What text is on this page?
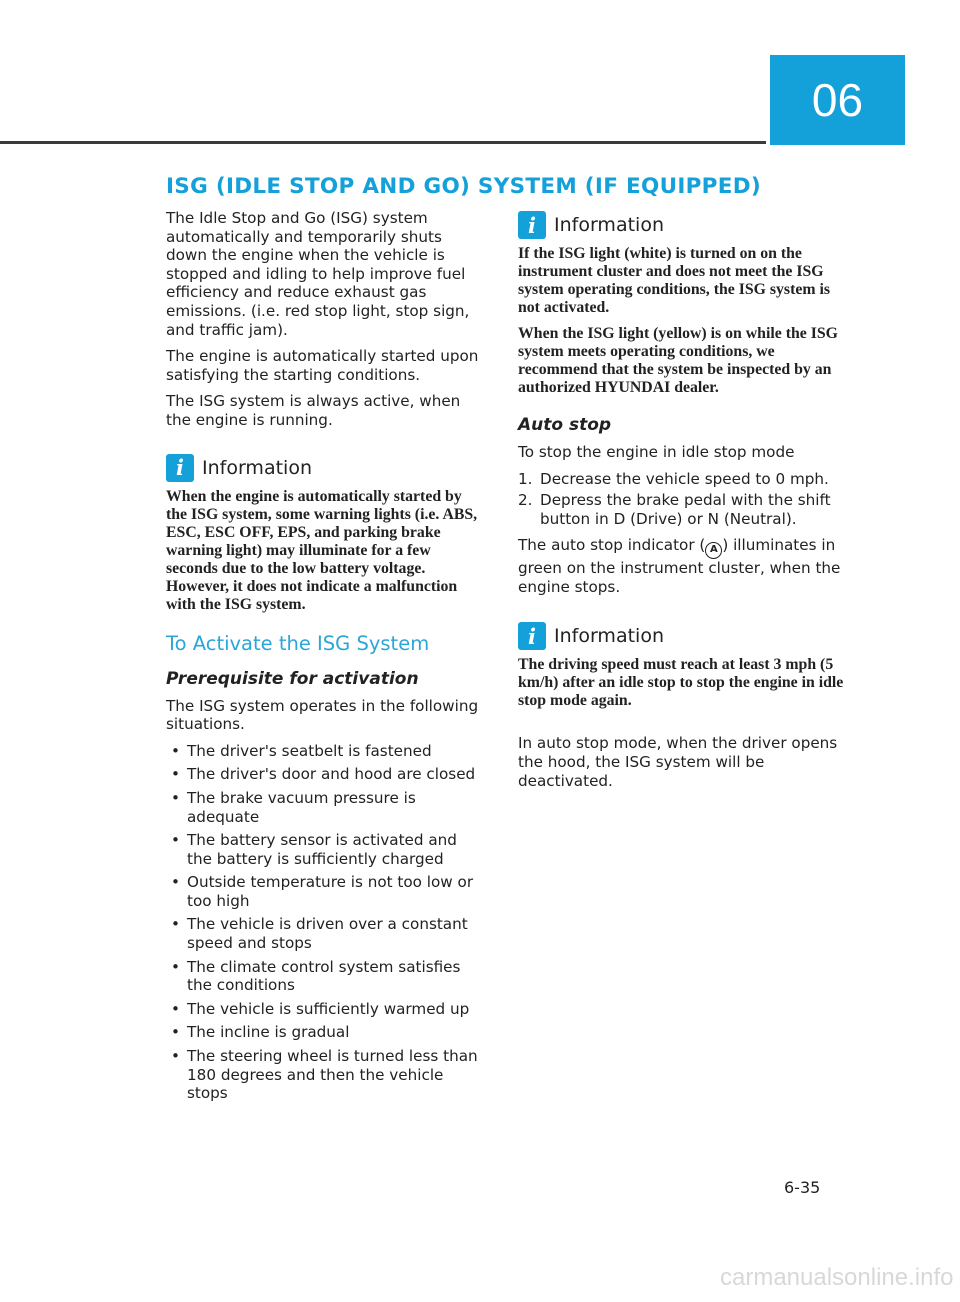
06
ISG (IDLE STOP AND GO) SYSTEM (IF EQUIPPED)

The Idle Stop and Go (ISG) system automatically and temporarily shuts down the engine when the vehicle is stopped and idling to help improve fuel efficiency and reduce exhaust gas emissions. (i.e. red stop light, stop sign, and traffic jam).

The engine is automatically started upon satisfying the starting conditions.

The ISG system is always active, when the engine is running.

i Information

When the engine is automatically started by the ISG system, some warning lights (i.e. ABS, ESC, ESC OFF, EPS, and parking brake warning light) may illuminate for a few seconds due to the low battery voltage. However, it does not indicate a malfunction with the ISG system.

To Activate the ISG System
Prerequisite for activation

The ISG system operates in the following situations.

• The driver's seatbelt is fastened
• The driver's door and hood are closed
• The brake vacuum pressure is adequate
• The battery sensor is activated and the battery is sufficiently charged
• Outside temperature is not too low or too high
• The vehicle is driven over a constant speed and stops
• The climate control system satisfies the conditions
• The vehicle is sufficiently warmed up
• The incline is gradual
• The steering wheel is turned less than 180 degrees and then the vehicle stops
i Information

If the ISG light (white) is turned on on the instrument cluster and does not meet the ISG system operating conditions, the ISG system is not activated.

When the ISG light (yellow) is on while the ISG system meets operating conditions, we recommend that the system be inspected by an authorized HYUNDAI dealer.

Auto stop

To stop the engine in idle stop mode

1. Decrease the vehicle speed to 0 mph.
2. Depress the brake pedal with the shift button in D (Drive) or N (Neutral).

The auto stop indicator ( A ) illuminates in green on the instrument cluster, when the engine stops.

i Information

The driving speed must reach at least 3 mph (5 km/h) after an idle stop to stop the engine in idle stop mode again.

In auto stop mode, when the driver opens the hood, the ISG system will be deactivated.

6-35
carmanualsonline.info
